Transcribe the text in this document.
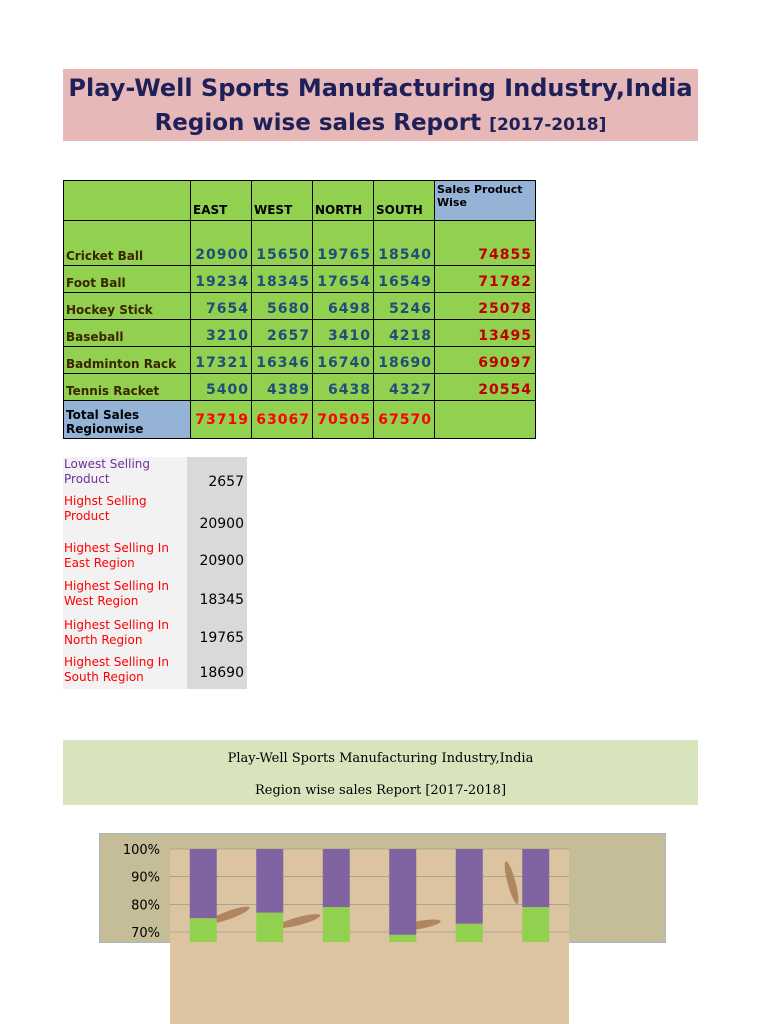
Play-Well Sports Manufacturing Industry,India
Region wise sales Report [2017-2018]
	EAST	WEST	NORTH	SOUTH	Sales Product Wise
Cricket Ball	20900	15650	19765	18540	74855
Foot Ball	19234	18345	17654	16549	71782
Hockey Stick	7654	5680	6498	5246	25078
Baseball	3210	2657	3410	4218	13495
Badminton Rack	17321	16346	16740	18690	69097
Tennis Racket	5400	4389	6438	4327	20554
Total Sales Regionwise	73719	63067	70505	67570	
Lowest Selling Product	2657
Highst Selling Product	20900
Highest Selling In East Region	20900
Highest Selling In West Region	18345
Highest Selling In North Region	19765
Highest Selling In South Region	18690
Play-Well Sports Manufacturing Industry,India
Region wise sales Report [2017-2018]
100%
90%
80%
70%
